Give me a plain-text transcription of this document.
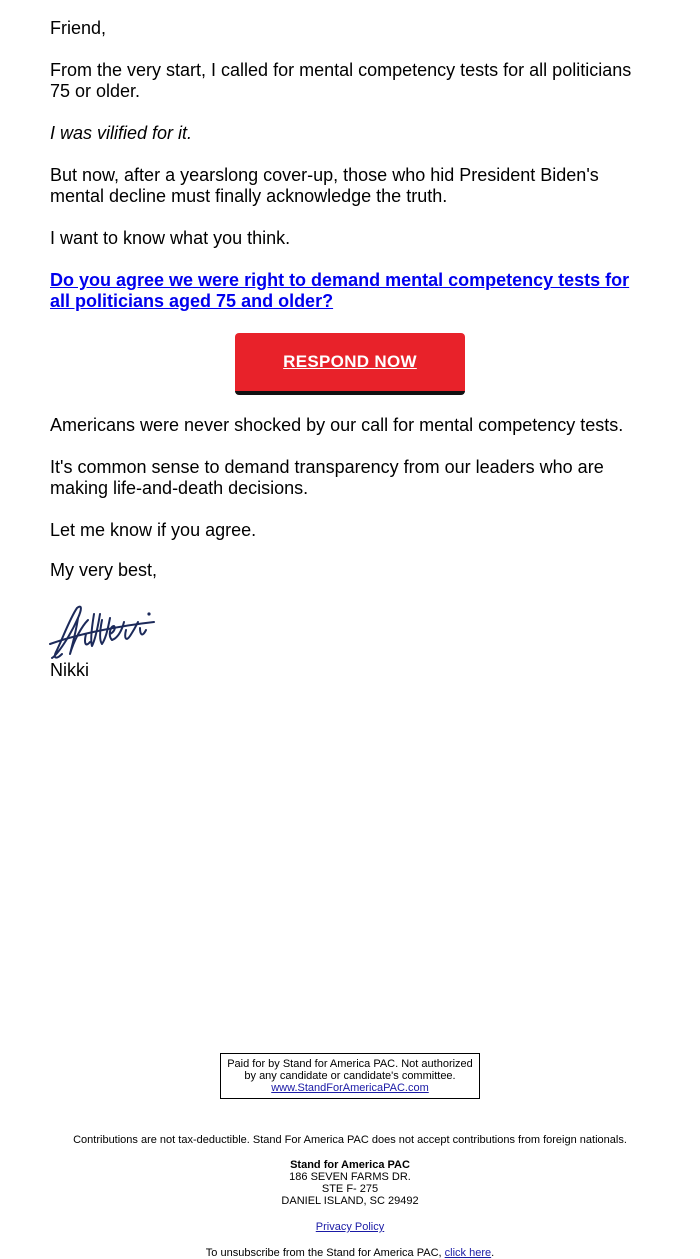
Friend,

From the very start, I called for mental competency tests for all politicians 75 or older.

I was vilified for it.

But now, after a yearslong cover-up, those who hid President Biden's mental decline must finally acknowledge the truth.

I want to know what you think.

Do you agree we were right to demand mental competency tests for all politicians aged 75 and older?

RESPOND NOW

Americans were never shocked by our call for mental competency tests.

It's common sense to demand transparency from our leaders who are making life-and-death decisions.

Let me know if you agree.

My very best,

Nikki

Paid for by Stand for America PAC. Not authorized
by any candidate or candidate's committee.
www.StandForAmericaPAC.com
Contributions are not tax-deductible. Stand For America PAC does not accept contributions from foreign nationals.
Stand for America PAC
186 SEVEN FARMS DR.
STE F- 275
DANIEL ISLAND, SC 29492
Privacy Policy
To unsubscribe from the Stand for America PAC, click here.
